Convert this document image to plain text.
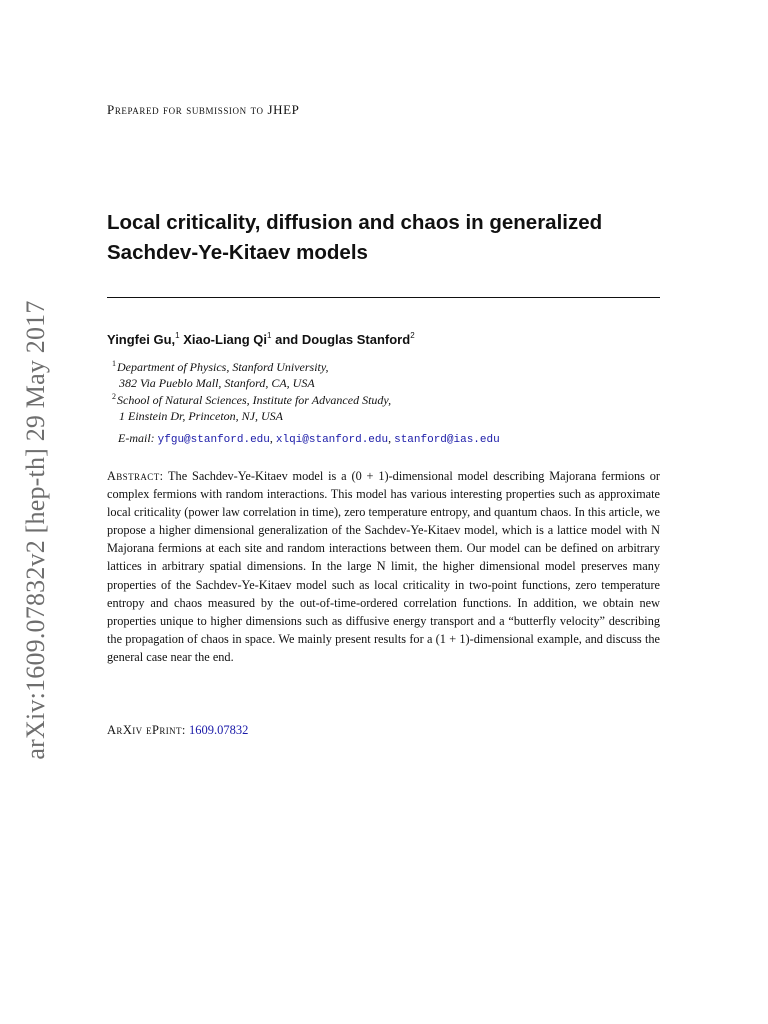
arXiv:1609.07832v2 [hep-th] 29 May 2017
Prepared for submission to JHEP
Local criticality, diffusion and chaos in generalized
Sachdev-Ye-Kitaev models
Yingfei Gu,$^1$ Xiao-Liang Qi$^1$ and Douglas Stanford$^2$
$^1$Department of Physics, Stanford University,
382 Via Pueblo Mall, Stanford, CA, USA
$^2$School of Natural Sciences, Institute for Advanced Study,
1 Einstein Dr, Princeton, NJ, USA
E-mail: yfgu@stanford.edu, xlqi@stanford.edu, stanford@ias.edu
Abstract: The Sachdev-Ye-Kitaev model is a (0 + 1)-dimensional model describing Majorana fermions or complex fermions with random interactions. This model has various interesting properties such as approximate local criticality (power law correlation in time), zero temperature entropy, and quantum chaos. In this article, we propose a higher dimensional generalization of the Sachdev-Ye-Kitaev model, which is a lattice model with N Majorana fermions at each site and random interactions between them. Our model can be defined on arbitrary lattices in arbitrary spatial dimensions. In the large N limit, the higher dimensional model preserves many properties of the Sachdev-Ye-Kitaev model such as local criticality in two-point functions, zero temperature entropy and chaos measured by the out-of-time-ordered correlation functions. In addition, we obtain new properties unique to higher dimensions such as diffusive energy transport and a “butterfly velocity” describing the propagation of chaos in space. We mainly present results for a (1 + 1)-dimensional example, and discuss the general case near the end.
ArXiv ePrint: 1609.07832
